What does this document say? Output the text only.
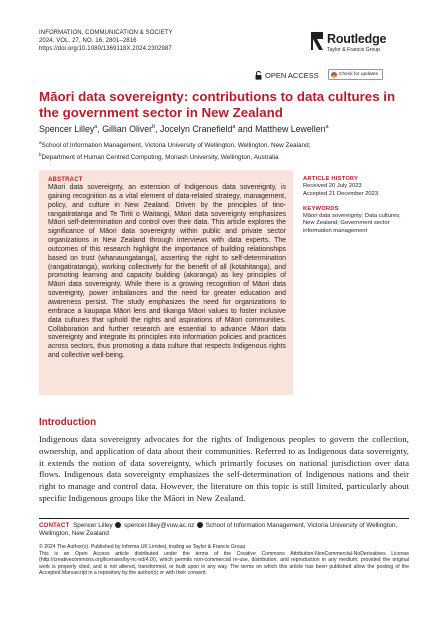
INFORMATION, COMMUNICATION & SOCIETY
2024, VOL. 27, NO. 16, 2801–2816
https://doi.org/10.1080/1369118X.2024.2302987
Routledge
Taylor & Francis Group
OPEN ACCESS	Check for updates
Māori data sovereignty: contributions to data cultures in the government sector in New Zealand
Spencer Lilley$^a$, Gillian Oliver$^b$, Jocelyn Cranefield$^a$ and Matthew Lewellen$^a$
$^a$School of Information Management, Victoria University of Wellington, Wellington, New Zealand;
$^b$Department of Human Centred Computing, Monash University, Wellington, Australia
ABSTRACT
Māori data sovereignty, an extension of Indigenous data sovereignty, is gaining recognition as a vital element of data-related strategy, management, policy, and culture in New Zealand. Driven by the principles of tino-rangatiratanga and Te Tiriti o Waitangi, Māori data sovereignty emphasizes Māori self-determination and control over their data. This article explores the significance of Māori data sovereignty within public and private sector organizations in New Zealand through interviews with data experts. The outcomes of this research highlight the importance of building relationships based on trust (whanaungatanga), asserting the right to self-determination (rangatiratanga), working collectively for the benefit of all (kotahitanga), and promoting learning and capacity building (akoranga) as key principles of Māori data sovereignty. While there is a growing recognition of Māori data sovereignty, power imbalances and the need for greater education and awareness persist. The study emphasizes the need for organizations to embrace a kaupapa Māori lens and tikanga Māori values to foster inclusive data cultures that uphold the rights and aspirations of Māori communities. Collaboration and further research are essential to advance Māori data sovereignty and integrate its principles into information policies and practices across sectors, thus promoting a data culture that respects Indigenous rights and collective well-being.
ARTICLE HISTORY
Received 20 July 2023
Accepted 21 December 2023
KEYWORDS
Māori data sovereignty; Data cultures; New Zealand; Government sector information management
Introduction
Indigenous data sovereignty advocates for the rights of Indigenous peoples to govern the collection, ownership, and application of data about their communities. Referred to as Indigenous data sovereignty, it extends the notion of data sovereignty, which primarily focuses on national jurisdiction over data flows. Indigenous data sovereignty emphasizes the self-determination of Indigenous nations and their right to manage and control data. However, the literature on this topic is still limited, particularly about specific Indigenous groups like the Māori in New Zealand.
CONTACT Spencer Lilley spencer.lilley@vuw.ac.nz School of Information Management, Victoria University of Wellington, Wellington, New Zealand
© 2024 The Author(s). Published by Informa UK Limited, trading as Taylor & Francis Group
This is an Open Access article distributed under the terms of the Creative Commons Attribution-NonCommercial-NoDerivatives License (http://creativecommons.org/licenses/by-nc-nd/4.0/), which permits non-commercial re-use, distribution, and reproduction in any medium, provided the original work is properly cited, and is not altered, transformed, or built upon in any way. The terms on which this article has been published allow the posting of the Accepted Manuscript in a repository by the author(s) or with their consent.
